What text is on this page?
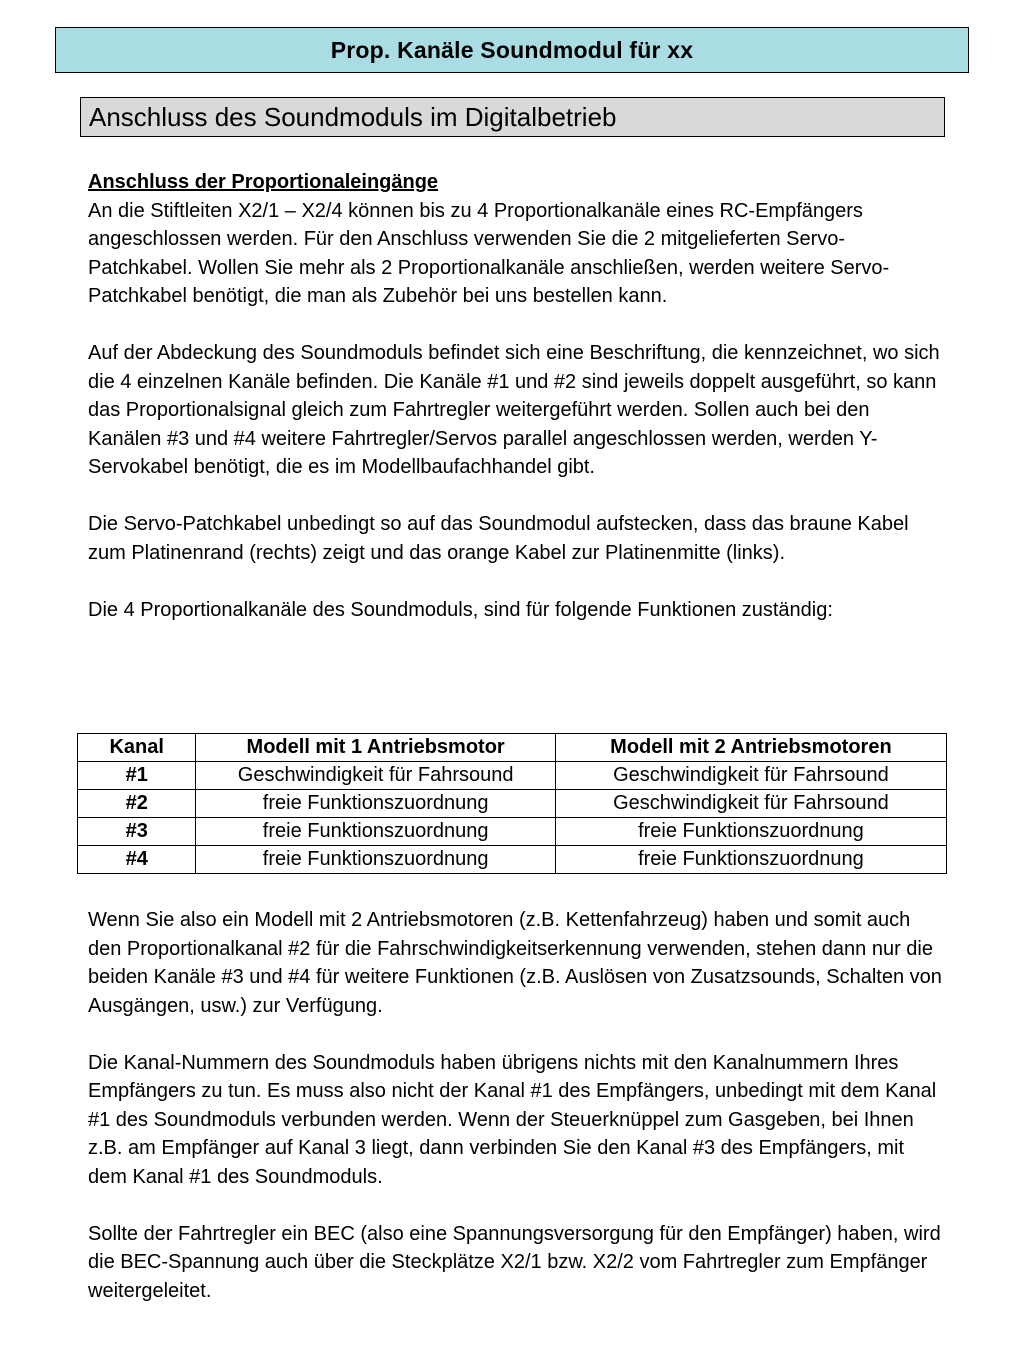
Prop. Kanäle Soundmodul für xx
Anschluss des Soundmoduls im Digitalbetrieb
Anschluss der Proportionaleingänge

An die Stiftleiten X2/1 – X2/4 können bis zu 4 Proportionalkanäle eines RC-Empfängers angeschlossen werden. Für den Anschluss verwenden Sie die 2 mitgelieferten Servo-Patchkabel. Wollen Sie mehr als 2 Proportionalkanäle anschließen, werden weitere Servo-Patchkabel benötigt, die man als Zubehör bei uns bestellen kann.

Auf der Abdeckung des Soundmoduls befindet sich eine Beschriftung, die kennzeichnet, wo sich die 4 einzelnen Kanäle befinden. Die Kanäle #1 und #2 sind jeweils doppelt ausgeführt, so kann das Proportionalsignal gleich zum Fahrtregler weitergeführt werden. Sollen auch bei den Kanälen #3 und #4 weitere Fahrtregler/Servos parallel angeschlossen werden, werden Y-Servokabel benötigt, die es im Modellbaufachhandel gibt.

Die Servo-Patchkabel unbedingt so auf das Soundmodul aufstecken, dass das braune Kabel zum Platinenrand (rechts) zeigt und das orange Kabel zur Platinenmitte (links).

Die 4 Proportionalkanäle des Soundmoduls, sind für folgende Funktionen zuständig:

Kanal	Modell mit 1 Antriebsmotor	Modell mit 2 Antriebsmotoren
#1	Geschwindigkeit für Fahrsound	Geschwindigkeit für Fahrsound
#2	freie Funktionszuordnung	Geschwindigkeit für Fahrsound
#3	freie Funktionszuordnung	freie Funktionszuordnung
#4	freie Funktionszuordnung	freie Funktionszuordnung

Wenn Sie also ein Modell mit 2 Antriebsmotoren (z.B. Kettenfahrzeug) haben und somit auch den Proportionalkanal #2 für die Fahrschwindigkeitserkennung verwenden, stehen dann nur die beiden Kanäle #3 und #4 für weitere Funktionen (z.B. Auslösen von Zusatzsounds, Schalten von Ausgängen, usw.) zur Verfügung.

Die Kanal-Nummern des Soundmoduls haben übrigens nichts mit den Kanalnummern Ihres Empfängers zu tun. Es muss also nicht der Kanal #1 des Empfängers, unbedingt mit dem Kanal #1 des Soundmoduls verbunden werden. Wenn der Steuerknüppel zum Gasgeben, bei Ihnen z.B. am Empfänger auf Kanal 3 liegt, dann verbinden Sie den Kanal #3 des Empfängers, mit dem Kanal #1 des Soundmoduls.

Sollte der Fahrtregler ein BEC (also eine Spannungsversorgung für den Empfänger) haben, wird die BEC-Spannung auch über die Steckplätze X2/1 bzw. X2/2 vom Fahrtregler zum Empfänger weitergeleitet.
